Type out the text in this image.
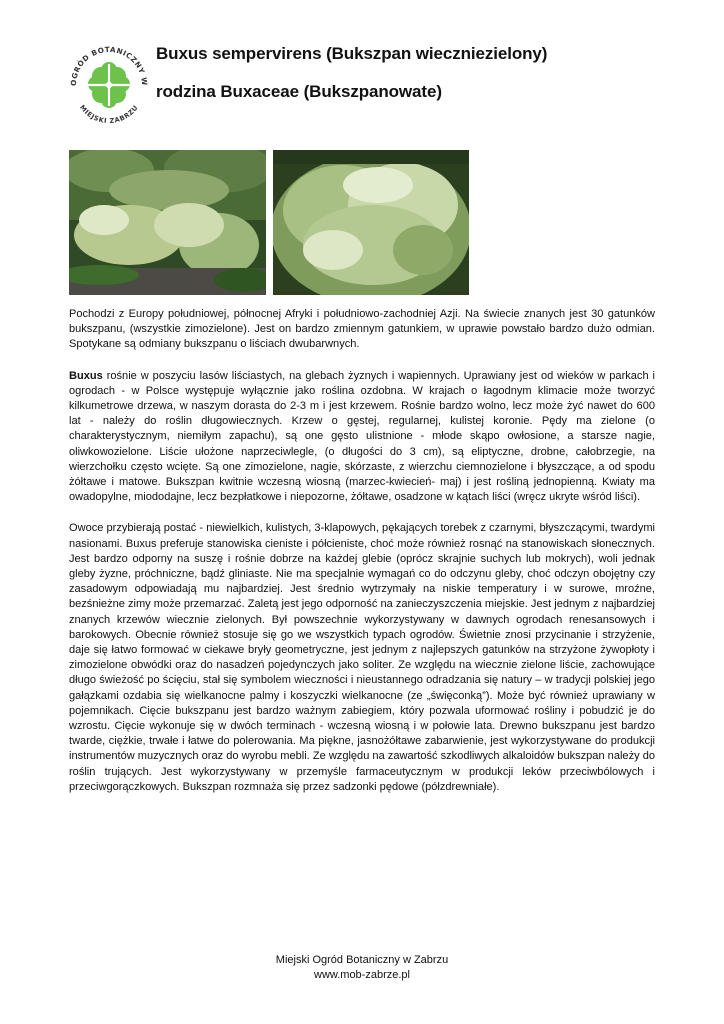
OGRÓD BOTANICZNY W
MIEJSKI ZABRZU
Buxus sempervirens (Bukszpan wieczniezielony)
rodzina Buxaceae (Bukszpanowate)

Pochodzi z Europy południowej, północnej Afryki i południowo-zachodniej Azji. Na świecie znanych jest 30 gatunków bukszpanu, (wszystkie zimozielone). Jest on bardzo zmiennym gatunkiem, w uprawie powstało bardzo dużo odmian. Spotykane są odmiany bukszpanu o liściach dwubarwnych.

Buxus rośnie w poszyciu lasów liściastych, na glebach żyznych i wapiennych. Uprawiany jest od wieków w parkach i ogrodach - w Polsce występuje wyłącznie jako roślina ozdobna. W krajach o łagodnym klimacie może tworzyć kilkumetrowe drzewa, w naszym dorasta do 2-3 m i jest krzewem. Rośnie bardzo wolno, lecz może żyć nawet do 600 lat - należy do roślin długowiecznych. Krzew o gęstej, regularnej, kulistej koronie. Pędy ma zielone (o charakterystycznym, niemiłym zapachu), są one gęsto ulistnione - młode skąpo owłosione, a starsze nagie, oliwkowozielone. Liście ułożone naprzeciwlegle, (o długości do 3 cm), są eliptyczne, drobne, całobrzegie, na wierzchołku często wcięte. Są one zimozielone, nagie, skórzaste, z wierzchu ciemnozielone i błyszczące, a od spodu żółtawe i matowe. Bukszpan kwitnie wczesną wiosną (marzec-kwiecień- maj) i jest rośliną jednopienną. Kwiaty ma owadopylne, miododajne, lecz bezpłatkowe i niepozorne, żółtawe, osadzone w kątach liści (wręcz ukryte wśród liści).

Owoce przybierają postać - niewielkich, kulistych, 3-klapowych, pękających torebek z czarnymi, błyszczącymi, twardymi nasionami. Buxus preferuje stanowiska cieniste i półcieniste, choć może również rosnąć na stanowiskach słonecznych. Jest bardzo odporny na suszę i rośnie dobrze na każdej glebie (oprócz skrajnie suchych lub mokrych), woli jednak gleby żyzne, próchniczne, bądź gliniaste. Nie ma specjalnie wymagań co do odczynu gleby, choć odczyn obojętny czy zasadowym odpowiadają mu najbardziej. Jest średnio wytrzymały na niskie temperatury i w surowe, mroźne, bezśnieżne zimy może przemarzać. Zaletą jest jego odporność na zanieczyszczenia miejskie. Jest jednym z najbardziej znanych krzewów wiecznie zielonych. Był powszechnie wykorzystywany w dawnych ogrodach renesansowych i barokowych. Obecnie również stosuje się go we wszystkich typach ogrodów. Świetnie znosi przycinanie i strzyżenie, daje się łatwo formować w ciekawe bryły geometryczne, jest jednym z najlepszych gatunków na strzyżone żywopłoty i zimozielone obwódki oraz do nasadzeń pojedynczych jako soliter. Ze względu na wiecznie zielone liście, zachowujące długo świeżość po ścięciu, stał się symbolem wieczności i nieustannego odradzania się natury – w tradycji polskiej jego gałązkami ozdabia się wielkanocne palmy i koszyczki wielkanocne (ze „święconką”). Może być również uprawiany w pojemnikach. Cięcie bukszpanu jest bardzo ważnym zabiegiem, który pozwala uformować rośliny i pobudzić je do wzrostu. Cięcie wykonuje się w dwóch terminach - wczesną wiosną i w połowie lata. Drewno bukszpanu jest bardzo twarde, ciężkie, trwałe i łatwe do polerowania. Ma piękne, jasnożółtawe zabarwienie, jest wykorzystywane do produkcji instrumentów muzycznych oraz do wyrobu mebli. Ze względu na zawartość szkodliwych alkaloidów bukszpan należy do roślin trujących. Jest wykorzystywany w przemyśle farmaceutycznym w produkcji leków przeciwbólowych i przeciwgorączkowych. Bukszpan rozmnaża się przez sadzonki pędowe (półzdrewniałe).

Miejski Ogród Botaniczny w Zabrzu
www.mob-zabrze.pl
